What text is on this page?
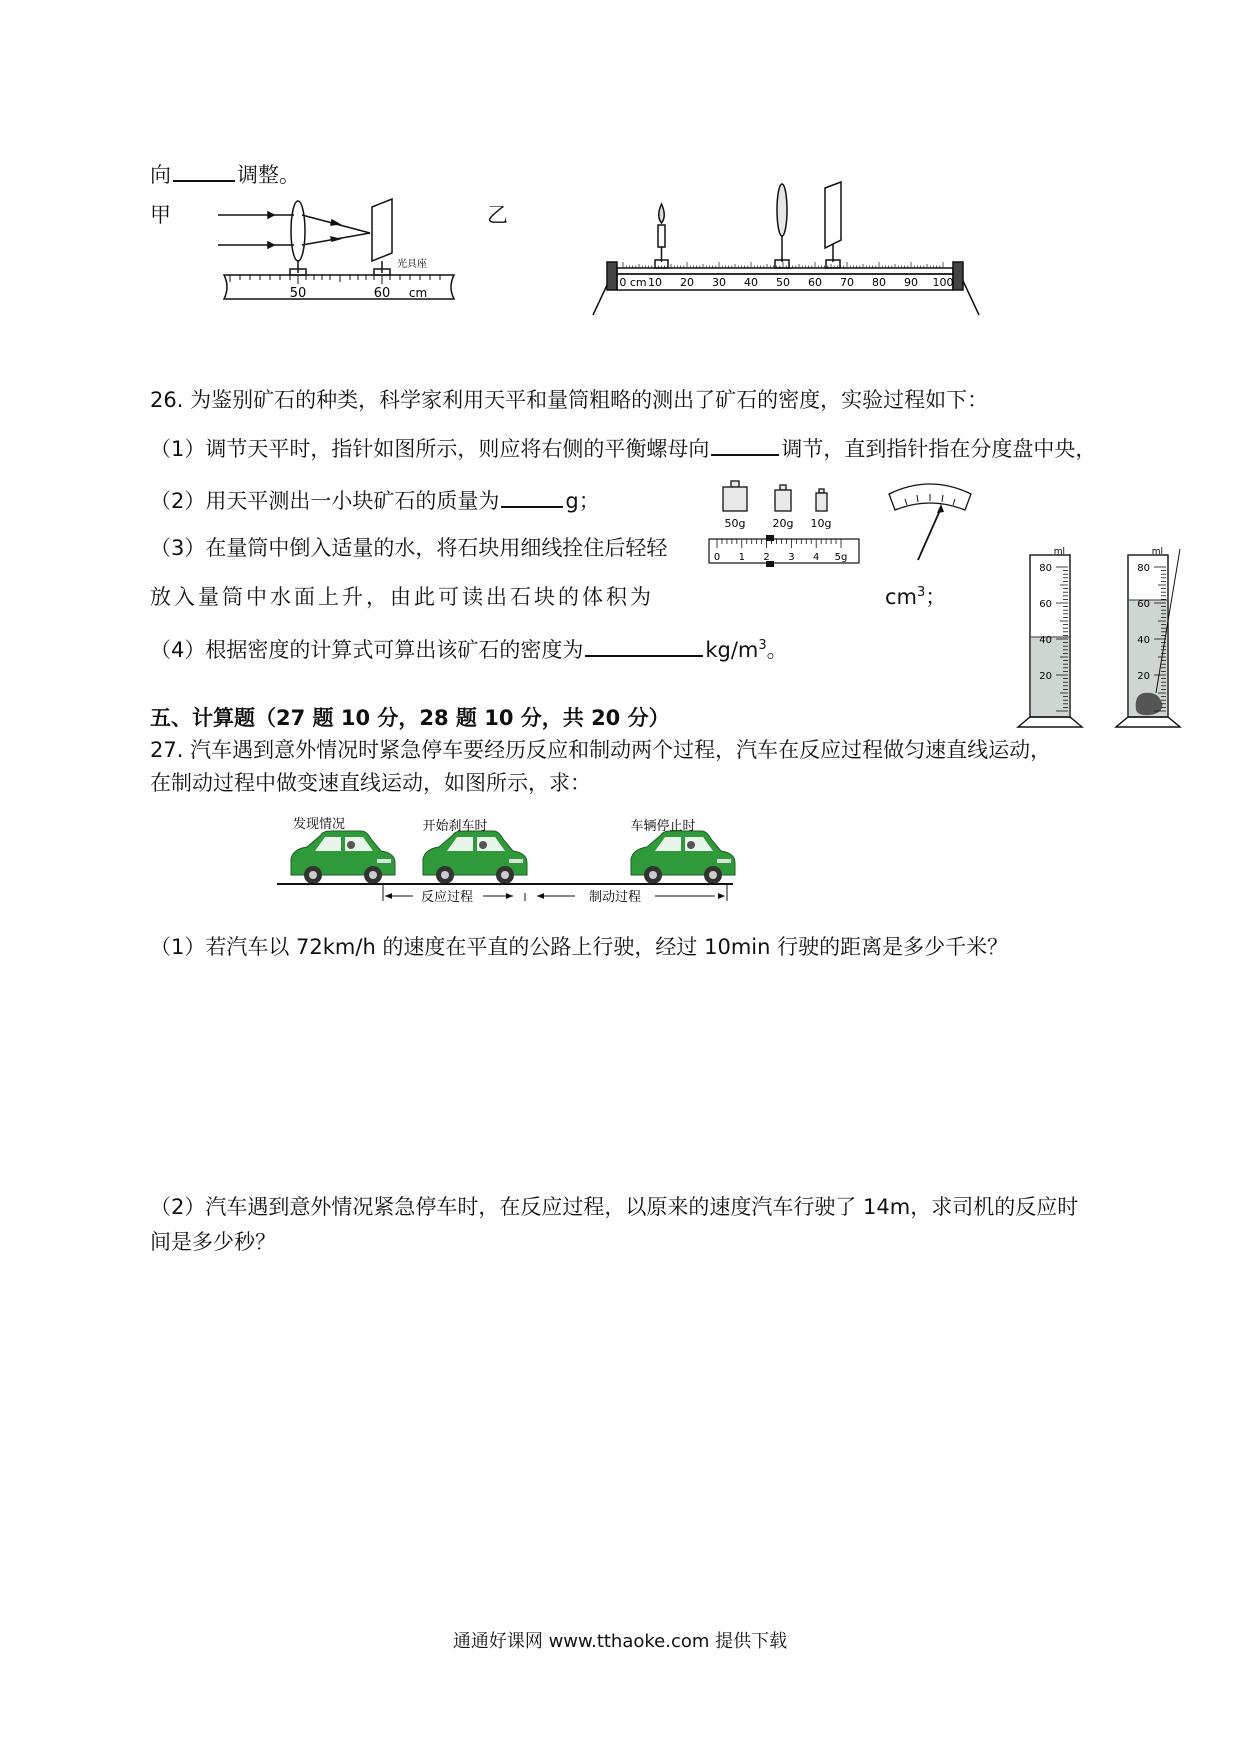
向	调整。
甲	乙
50	60 cm
光具座
0 cm 10 20 30 40 50 60 70 80 90 100
26. 为鉴别矿石的种类，科学家利用天平和量筒粗略的测出了矿石的密度，实验过程如下：
（1）调节天平时，指针如图所示，则应将右侧的平衡螺母向	调节，直到指针指在分度盘中央，
（2）用天平测出一小块矿石的质量为	g；
（3）在量筒中倒入适量的水，将石块用细线拴住后轻轻
放入量筒中水面上升，由此可读出石块的体积为	$cm^3$；
（4）根据密度的计算式可算出该矿石的密度为	$kg/m^3$。
50g 20g 10g
0 1 2 3 4 5g
80
60
40
20
ml
80
60
40
20
ml
五、计算题（27 题 10 分，28 题 10 分，共 20 分）
27. 汽车遇到意外情况时紧急停车要经历反应和制动两个过程，汽车在反应过程做匀速直线运动，
在制动过程中做变速直线运动，如图所示，求：
发现情况	开始刹车时	车辆停止时
反应过程	制动过程
（1）若汽车以 72km/h 的速度在平直的公路上行驶，经过 10min 行驶的距离是多少千米？
（2）汽车遇到意外情况紧急停车时，在反应过程，以原来的速度汽车行驶了 14m，求司机的反应时
间是多少秒？
通通好课网 www.tthaoke.com 提供下载
